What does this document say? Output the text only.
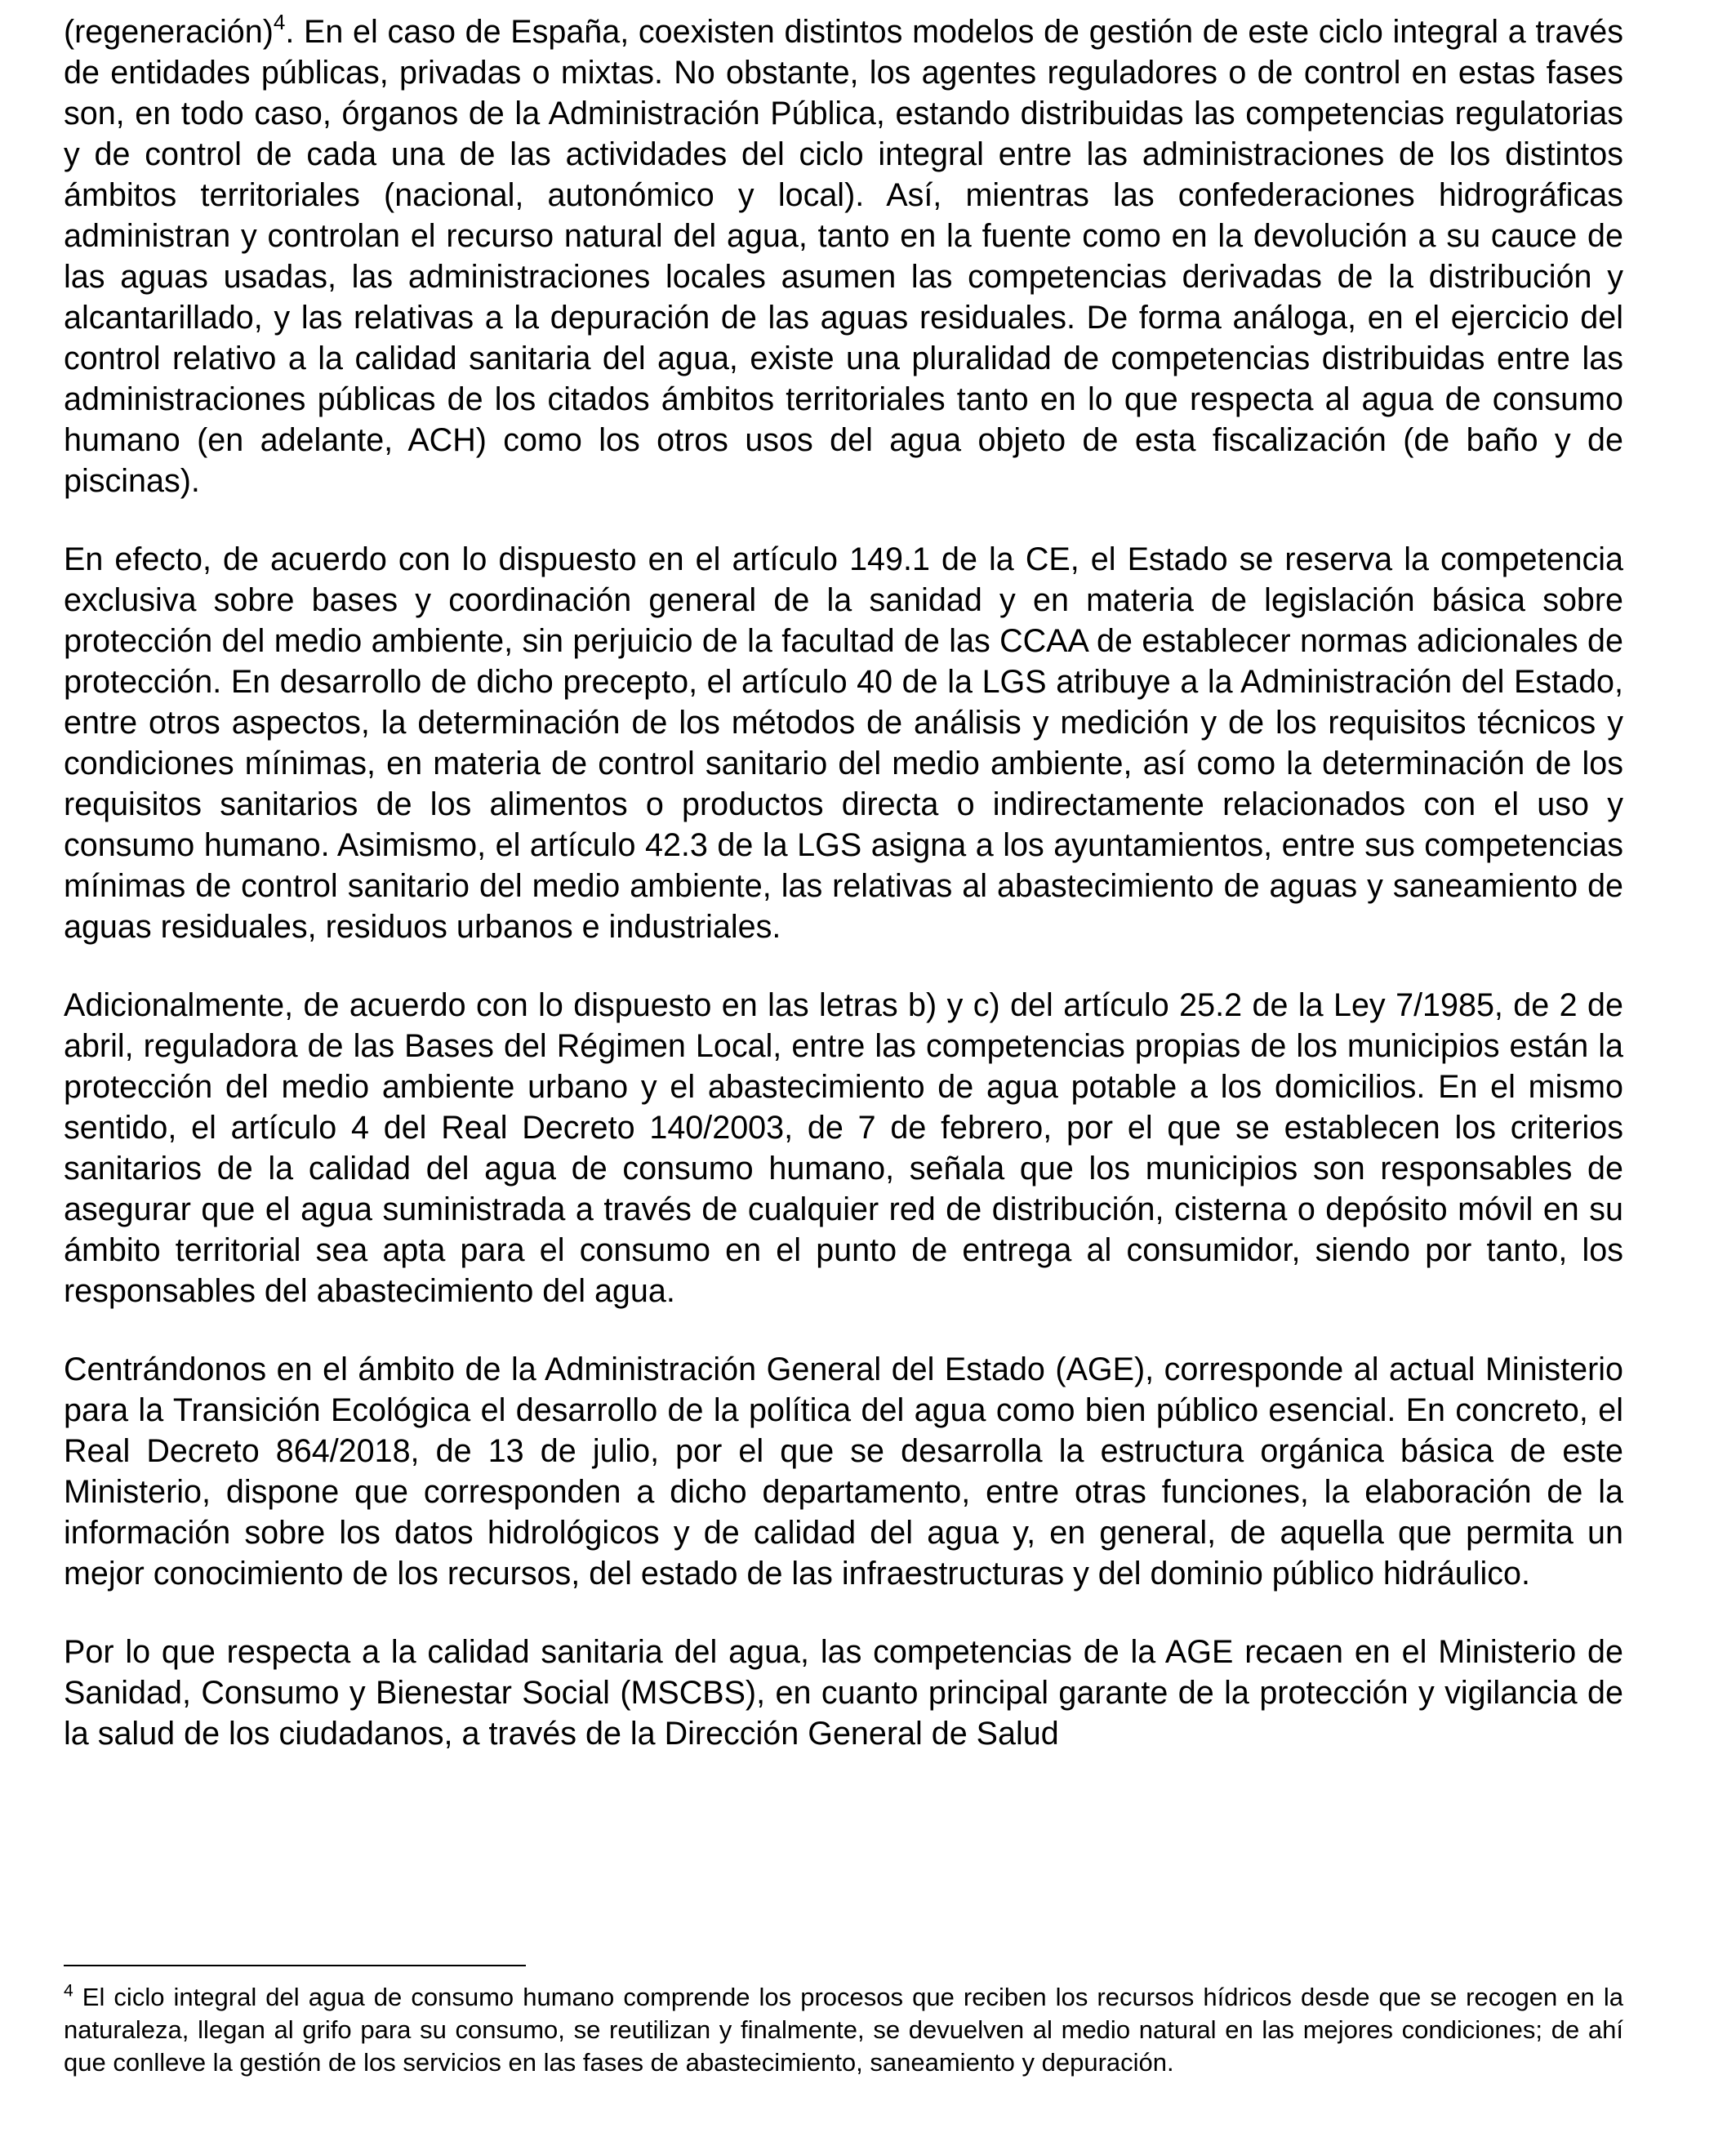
(regeneración)$^4$. En el caso de España, coexisten distintos modelos de gestión de este ciclo integral a través de entidades públicas, privadas o mixtas. No obstante, los agentes reguladores o de control en estas fases son, en todo caso, órganos de la Administración Pública, estando distribuidas las competencias regulatorias y de control de cada una de las actividades del ciclo integral entre las administraciones de los distintos ámbitos territoriales (nacional, autonómico y local). Así, mientras las confederaciones hidrográficas administran y controlan el recurso natural del agua, tanto en la fuente como en la devolución a su cauce de las aguas usadas, las administraciones locales asumen las competencias derivadas de la distribución y alcantarillado, y las relativas a la depuración de las aguas residuales. De forma análoga, en el ejercicio del control relativo a la calidad sanitaria del agua, existe una pluralidad de competencias distribuidas entre las administraciones públicas de los citados ámbitos territoriales tanto en lo que respecta al agua de consumo humano (en adelante, ACH) como los otros usos del agua objeto de esta fiscalización (de baño y de piscinas).

En efecto, de acuerdo con lo dispuesto en el artículo 149.1 de la CE, el Estado se reserva la competencia exclusiva sobre bases y coordinación general de la sanidad y en materia de legislación básica sobre protección del medio ambiente, sin perjuicio de la facultad de las CCAA de establecer normas adicionales de protección. En desarrollo de dicho precepto, el artículo 40 de la LGS atribuye a la Administración del Estado, entre otros aspectos, la determinación de los métodos de análisis y medición y de los requisitos técnicos y condiciones mínimas, en materia de control sanitario del medio ambiente, así como la determinación de los requisitos sanitarios de los alimentos o productos directa o indirectamente relacionados con el uso y consumo humano. Asimismo, el artículo 42.3 de la LGS asigna a los ayuntamientos, entre sus competencias mínimas de control sanitario del medio ambiente, las relativas al abastecimiento de aguas y saneamiento de aguas residuales, residuos urbanos e industriales.

Adicionalmente, de acuerdo con lo dispuesto en las letras b) y c) del artículo 25.2 de la Ley 7/1985, de 2 de abril, reguladora de las Bases del Régimen Local, entre las competencias propias de los municipios están la protección del medio ambiente urbano y el abastecimiento de agua potable a los domicilios. En el mismo sentido, el artículo 4 del Real Decreto 140/2003, de 7 de febrero, por el que se establecen los criterios sanitarios de la calidad del agua de consumo humano, señala que los municipios son responsables de asegurar que el agua suministrada a través de cualquier red de distribución, cisterna o depósito móvil en su ámbito territorial sea apta para el consumo en el punto de entrega al consumidor, siendo por tanto, los responsables del abastecimiento del agua.

Centrándonos en el ámbito de la Administración General del Estado (AGE), corresponde al actual Ministerio para la Transición Ecológica el desarrollo de la política del agua como bien público esencial. En concreto, el Real Decreto 864/2018, de 13 de julio, por el que se desarrolla la estructura orgánica básica de este Ministerio, dispone que corresponden a dicho departamento, entre otras funciones, la elaboración de la información sobre los datos hidrológicos y de calidad del agua y, en general, de aquella que permita un mejor conocimiento de los recursos, del estado de las infraestructuras y del dominio público hidráulico.

Por lo que respecta a la calidad sanitaria del agua, las competencias de la AGE recaen en el Ministerio de Sanidad, Consumo y Bienestar Social (MSCBS), en cuanto principal garante de la protección y vigilancia de la salud de los ciudadanos, a través de la Dirección General de Salud

$^4$ El ciclo integral del agua de consumo humano comprende los procesos que reciben los recursos hídricos desde que se recogen en la naturaleza, llegan al grifo para su consumo, se reutilizan y finalmente, se devuelven al medio natural en las mejores condiciones; de ahí que conlleve la gestión de los servicios en las fases de abastecimiento, saneamiento y depuración.
